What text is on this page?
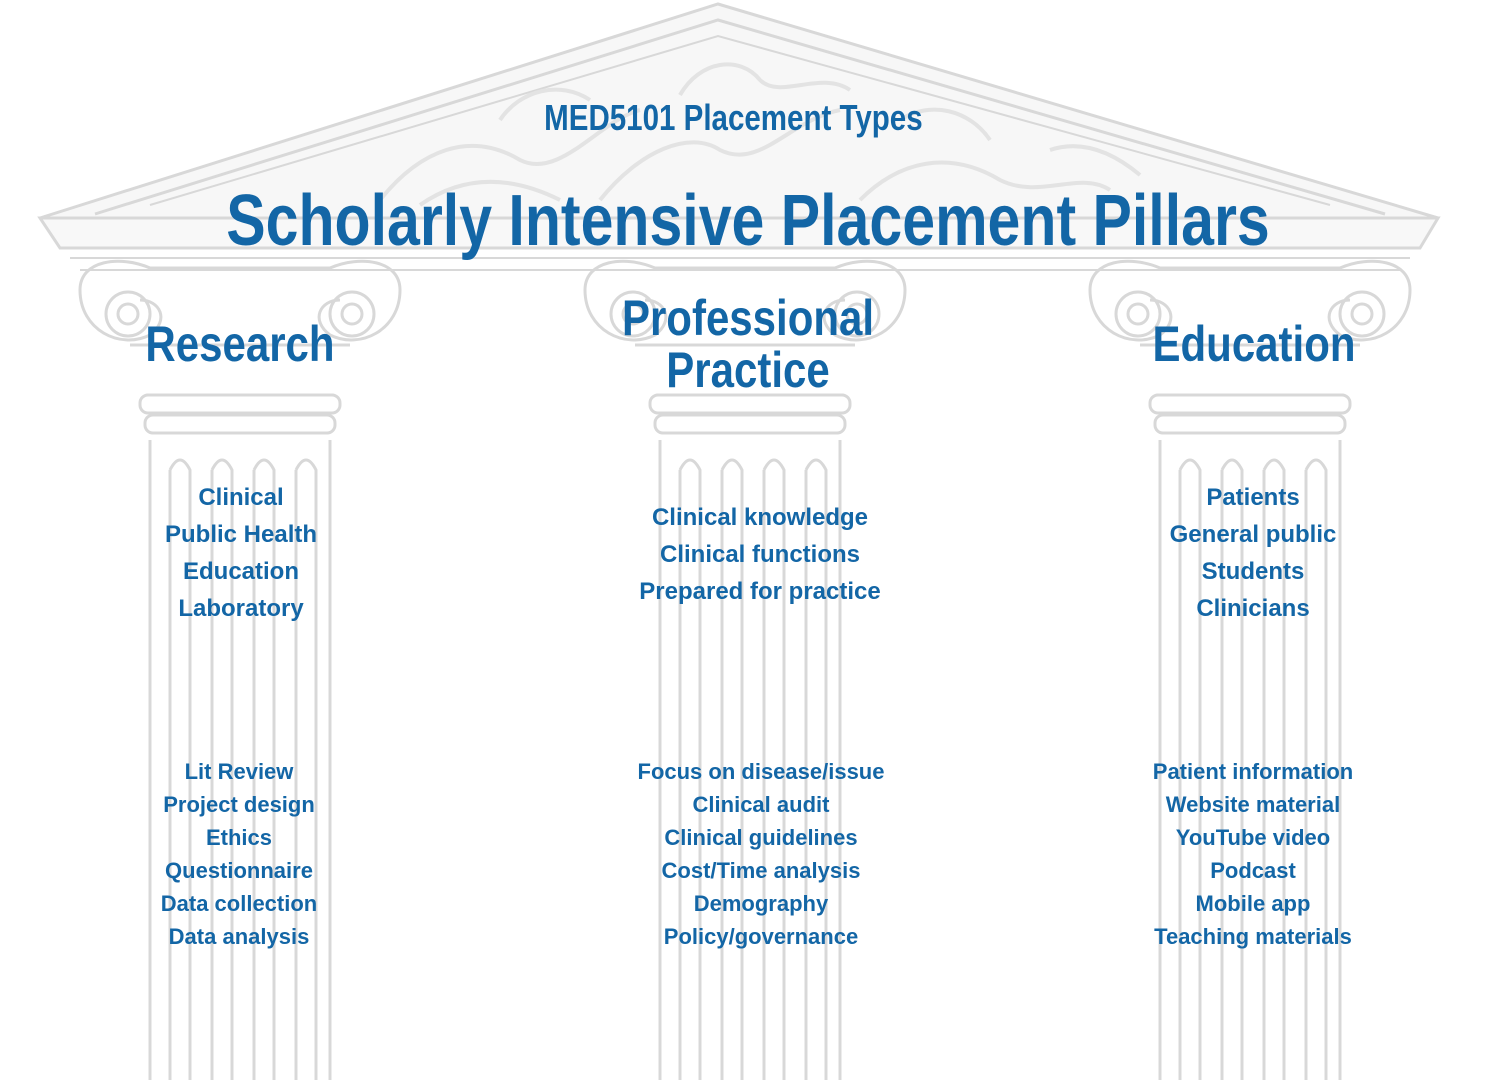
MED5101 Placement Types
Scholarly Intensive Placement Pillars
Research	Professional
Practice	Education
Clinical
Public Health
Education
Laboratory
Lit Review
Project design
Ethics
Questionnaire
Data collection
Data analysis
Clinical knowledge
Clinical functions
Prepared for practice
Focus on disease/issue
Clinical audit
Clinical guidelines
Cost/Time analysis
Demography
Policy/governance
Patients
General public
Students
Clinicians
Patient information
Website material
YouTube video
Podcast
Mobile app
Teaching materials
